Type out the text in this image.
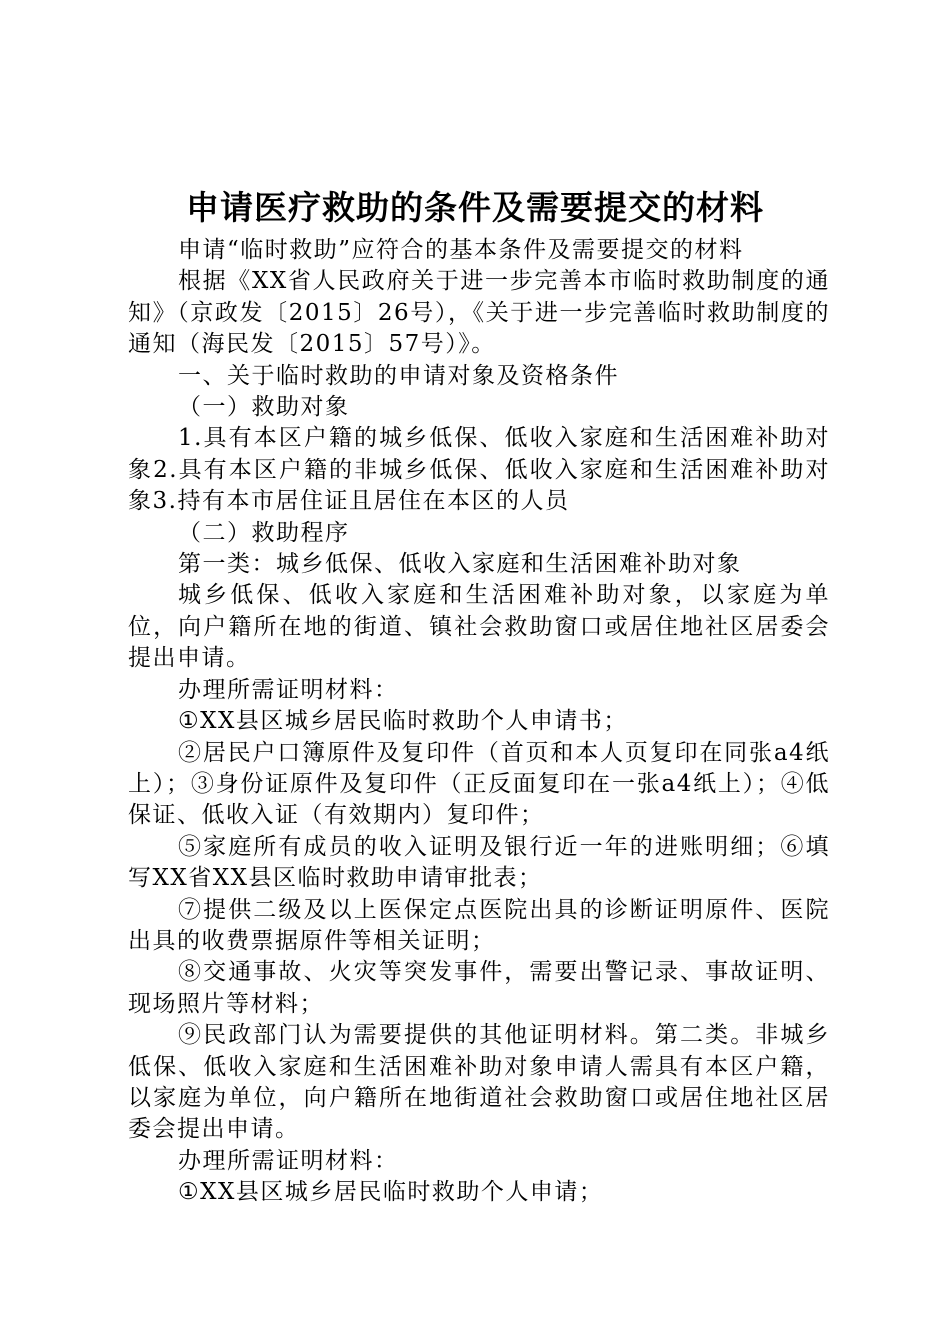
申请医疗救助的条件及需要提交的材料

申请“临时救助”应符合的基本条件及需要提交的材料

根据《XX省人民政府关于进一步完善本市临时救助制度的通知》（京政发〔2015〕26号），《关于进一步完善临时救助制度的通知（海民发〔2015〕57号）》。

一、关于临时救助的申请对象及资格条件

（一）救助对象

1.具有本区户籍的城乡低保、低收入家庭和生活困难补助对象2.具有本区户籍的非城乡低保、低收入家庭和生活困难补助对象3.持有本市居住证且居住在本区的人员

（二）救助程序

第一类：城乡低保、低收入家庭和生活困难补助对象

城乡低保、低收入家庭和生活困难补助对象，以家庭为单位，向户籍所在地的街道、镇社会救助窗口或居住地社区居委会提出申请。

办理所需证明材料：

①XX县区城乡居民临时救助个人申请书；

②居民户口簿原件及复印件（首页和本人页复印在同张a4纸上）；③身份证原件及复印件（正反面复印在一张a4纸上）；④低保证、低收入证（有效期内）复印件；

⑤家庭所有成员的收入证明及银行近一年的进账明细；⑥填写XX省XX县区临时救助申请审批表；

⑦提供二级及以上医保定点医院出具的诊断证明原件、医院出具的收费票据原件等相关证明；

⑧交通事故、火灾等突发事件，需要出警记录、事故证明、现场照片等材料；

⑨民政部门认为需要提供的其他证明材料。第二类。非城乡低保、低收入家庭和生活困难补助对象申请人需具有本区户籍，以家庭为单位，向户籍所在地街道社会救助窗口或居住地社区居委会提出申请。

办理所需证明材料：

①XX县区城乡居民临时救助个人申请；
